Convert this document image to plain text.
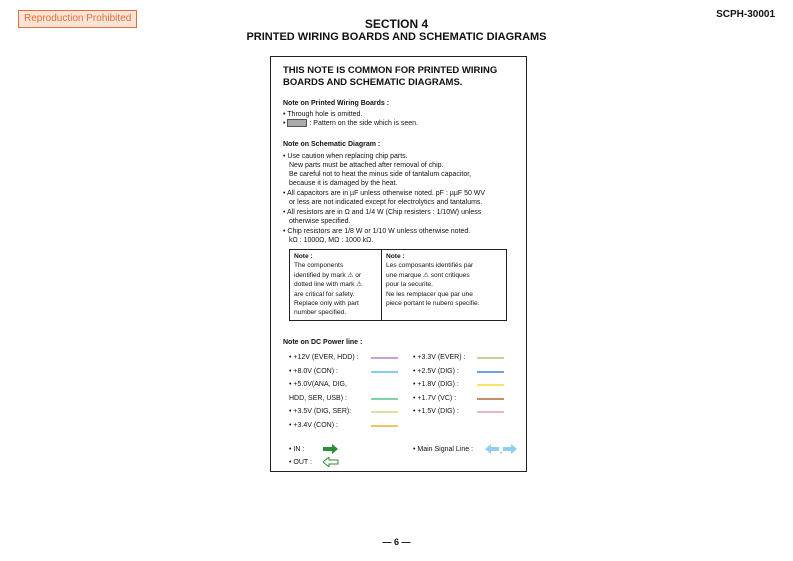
Reproduction Prohibited	SCPH-30001
SECTION 4
PRINTED WIRING BOARDS AND SCHEMATIC DIAGRAMS
THIS NOTE IS COMMON FOR PRINTED WIRING
BOARDS AND SCHEMATIC DIAGRAMS.
Note on Printed Wiring Boards :
• Through hole is omitted.
•	: Pattern on the side which is seen.
Note on Schematic Diagram :
• Use caution when replacing chip parts.
New parts must be attached after removal of chip.
Be careful not to heat the minus side of tantalum capacitor,
because it is damaged by the heat.
• All capacitors are in µF unless otherwise noted. pF : µµF 50 WV
or less are not indicated except for electrolytics and tantalums.
• All resistors are in Ω and 1/4 W (Chip resisters : 1/10W) unless
otherwise specified.
• Chip resistors are 1/8 W or 1/10 W unless otherwise noted.
kΩ : 1000Ω, MΩ : 1000 kΩ.
Note :
The components
identified by mark ⚠ or
dotted line with mark ⚠
are critical for safety.
Replace only with part
number specified.
Note :
Les composants identifiés par
une marque ⚠ sont critiques
pour la securite.
Ne les remplacer que par une
piece portant le nubero specifie.
Note on DC Power line :
• +12V (EVER, HDD) :
• +8.0V (CON) :
• +5.0V(ANA, DIG,
HDD, SER, USB) :
• +3.5V (DIG, SER):
• +3.4V (CON) :
• +3.3V (EVER) :
• +2.5V (DIG) :
• +1.8V (DIG) :
• +1.7V (VC) :
• +1.5V (DIG) :
• IN :
• OUT :
• Main Signal Line :	,
— 6 —
